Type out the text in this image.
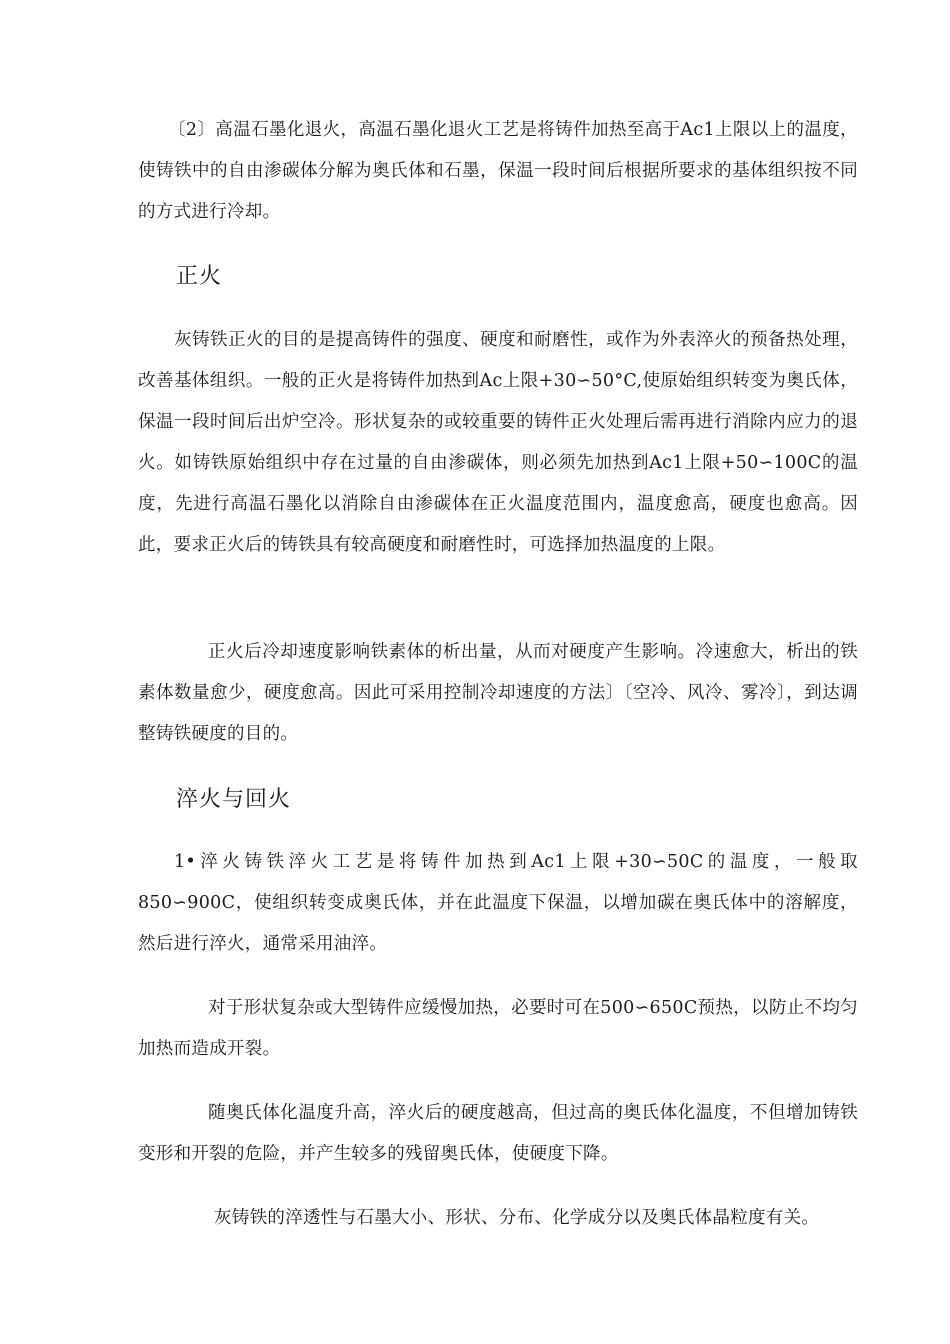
〔2〕高温石墨化退火，高温石墨化退火工艺是将铸件加热至高于Ac1上限以上的温度，使铸铁中的自由渗碳体分解为奥氏体和石墨，保温一段时间后根据所要求的基体组织按不同的方式进行冷却。

正火

灰铸铁正火的目的是提高铸件的强度、硬度和耐磨性，或作为外表淬火的预备热处理，改善基体组织。一般的正火是将铸件加热到Ac上限+30∽50°C,使原始组织转变为奥氏体，保温一段时间后出炉空冷。形状复杂的或较重要的铸件正火处理后需再进行消除内应力的退火。如铸铁原始组织中存在过量的自由渗碳体，则必须先加热到Ac1上限+50∽100C的温度，先进行高温石墨化以消除自由渗碳体在正火温度范围内，温度愈高，硬度也愈高。因此，要求正火后的铸铁具有较高硬度和耐磨性时，可选择加热温度的上限。

正火后冷却速度影响铁素体的析出量，从而对硬度产生影响。冷速愈大，析出的铁素体数量愈少，硬度愈高。因此可采用控制冷却速度的方法〕〔空冷、风冷、雾冷〕，到达调整铸铁硬度的目的。

淬火与回火

1•淬火铸铁淬火工艺是将铸件加热到Ac1上限+30∽50C的温度，一般取850∽900C，使组织转变成奥氏体，并在此温度下保温，以增加碳在奥氏体中的溶解度，然后进行淬火，通常采用油淬。

对于形状复杂或大型铸件应缓慢加热，必要时可在500∽650C预热，以防止不均匀加热而造成开裂。

随奥氏体化温度升高，淬火后的硬度越高，但过高的奥氏体化温度，不但增加铸铁变形和开裂的危险，并产生较多的残留奥氏体，使硬度下降。

灰铸铁的淬透性与石墨大小、形状、分布、化学成分以及奥氏体晶粒度有关。
